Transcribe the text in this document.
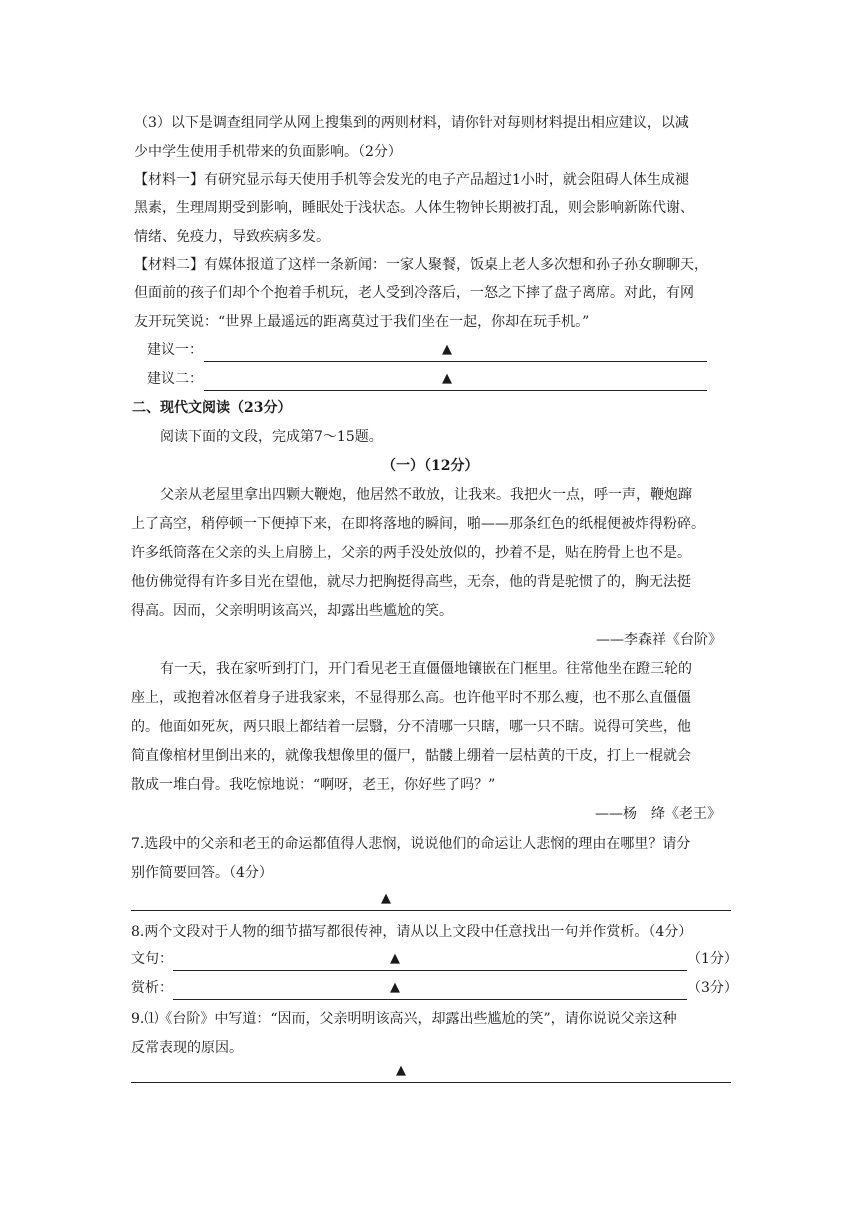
（3）以下是调查组同学从网上搜集到的两则材料，请你针对每则材料提出相应建议，以减
少中学生使用手机带来的负面影响。（2分）
【材料一】有研究显示每天使用手机等会发光的电子产品超过1小时，就会阻碍人体生成褪
黑素，生理周期受到影响，睡眠处于浅状态。人体生物钟长期被打乱，则会影响新陈代谢、
情绪、免疫力，导致疾病多发。
【材料二】有媒体报道了这样一条新闻：一家人聚餐，饭桌上老人多次想和孙子孙女聊聊天，
但面前的孩子们却个个抱着手机玩，老人受到冷落后，一怒之下摔了盘子离席。对此，有网
友开玩笑说：“世界上最遥远的距离莫过于我们坐在一起，你却在玩手机。”
建议一：	▲
建议二：	▲
二、现代文阅读（23分）
阅读下面的文段，完成第7～15题。
（一）（12分）
父亲从老屋里拿出四颗大鞭炮，他居然不敢放，让我来。我把火一点，呼一声，鞭炮蹿
上了高空，稍停顿一下便掉下来，在即将落地的瞬间，啪——那条红色的纸棍便被炸得粉碎。
许多纸筒落在父亲的头上肩膀上，父亲的两手没处放似的，抄着不是，贴在胯骨上也不是。
他仿佛觉得有许多目光在望他，就尽力把胸挺得高些，无奈，他的背是驼惯了的，胸无法挺
得高。因而，父亲明明该高兴，却露出些尴尬的笑。
——李森祥《台阶》
有一天，我在家听到打门，开门看见老王直僵僵地镶嵌在门框里。往常他坐在蹬三轮的
座上，或抱着冰伛着身子进我家来，不显得那么高。也许他平时不那么瘦，也不那么直僵僵
的。他面如死灰，两只眼上都结着一层翳，分不清哪一只瞎，哪一只不瞎。说得可笑些，他
简直像棺材里倒出来的，就像我想像里的僵尸，骷髅上绷着一层枯黄的干皮，打上一棍就会
散成一堆白骨。我吃惊地说：“啊呀，老王，你好些了吗？”
——杨　绛《老王》
7.选段中的父亲和老王的命运都值得人悲悯，说说他们的命运让人悲悯的理由在哪里？请分
别作简要回答。（4分）
▲
8.两个文段对于人物的细节描写都很传神，请从以上文段中任意找出一句并作赏析。（4分）
文句：	▲	（1分）
赏析：	▲	（3分）
9.⑴《台阶》中写道：“因而，父亲明明该高兴，却露出些尴尬的笑”，请你说说父亲这种
反常表现的原因。
▲
